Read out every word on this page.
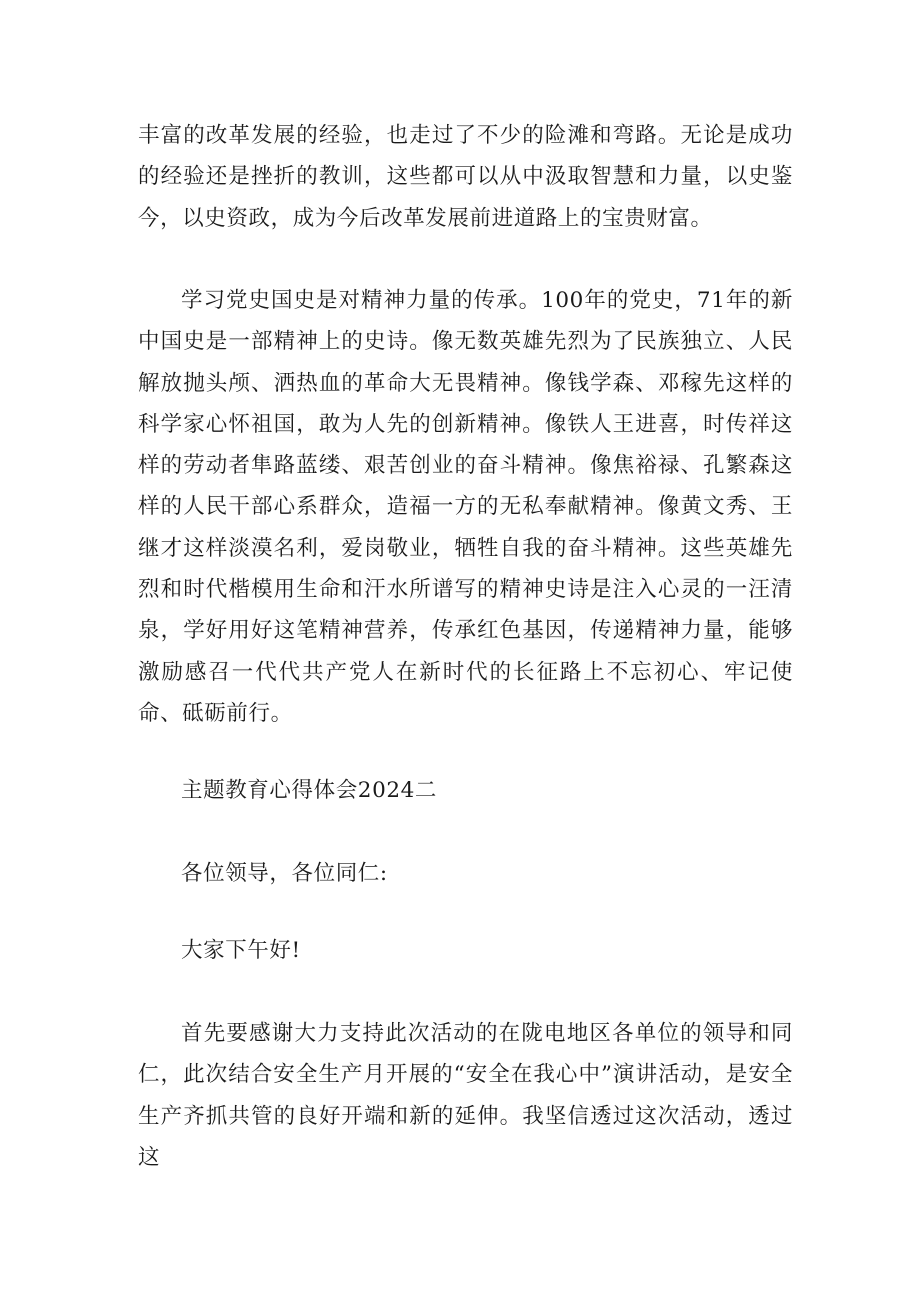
丰富的改革发展的经验，也走过了不少的险滩和弯路。无论是成功的经验还是挫折的教训，这些都可以从中汲取智慧和力量，以史鉴今，以史资政，成为今后改革发展前进道路上的宝贵财富。

学习党史国史是对精神力量的传承。100年的党史，71年的新中国史是一部精神上的史诗。像无数英雄先烈为了民族独立、人民解放抛头颅、洒热血的革命大无畏精神。像钱学森、邓稼先这样的科学家心怀祖国，敢为人先的创新精神。像铁人王进喜，时传祥这样的劳动者隼路蓝缕、艰苦创业的奋斗精神。像焦裕禄、孔繁森这样的人民干部心系群众，造福一方的无私奉献精神。像黄文秀、王继才这样淡漠名利，爱岗敬业，牺牲自我的奋斗精神。这些英雄先烈和时代楷模用生命和汗水所谱写的精神史诗是注入心灵的一汪清泉，学好用好这笔精神营养，传承红色基因，传递精神力量，能够激励感召一代代共产党人在新时代的长征路上不忘初心、牢记使命、砥砺前行。

主题教育心得体会2024二

各位领导，各位同仁:

大家下午好!

首先要感谢大力支持此次活动的在陇电地区各单位的领导和同仁，此次结合安全生产月开展的“安全在我心中”演讲活动，是安全生产齐抓共管的良好开端和新的延伸。我坚信透过这次活动，透过这
